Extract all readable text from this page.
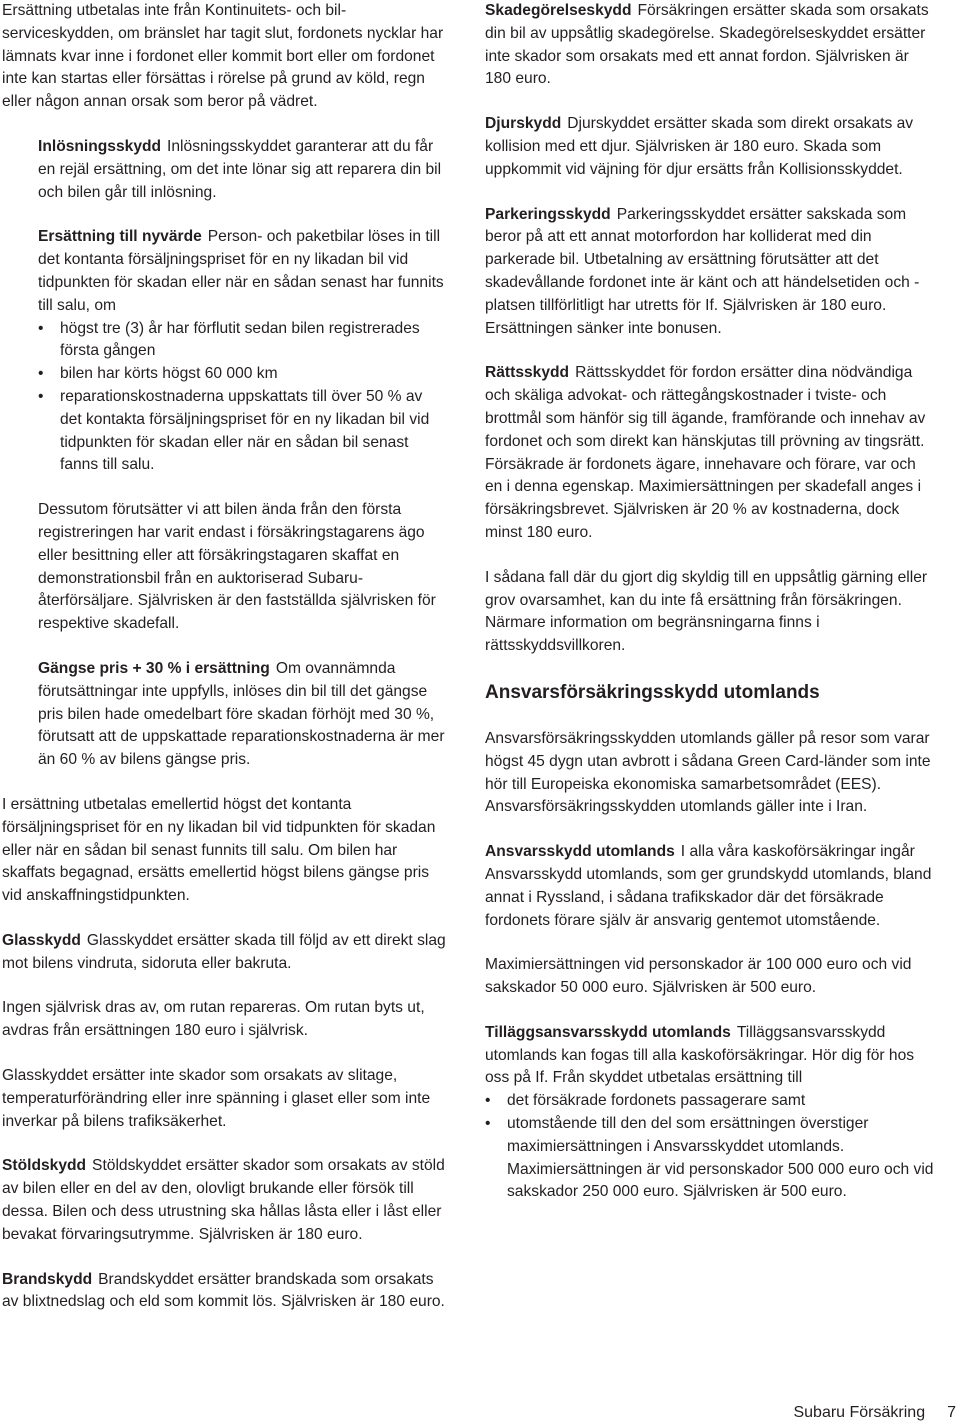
Ersättning utbetalas inte från Kontinuitets- och bilserviceskydden, om bränslet har tagit slut, fordonets nycklar har lämnats kvar inne i fordonet eller kommit bort eller om fordonet inte kan startas eller försättas i rörelse på grund av köld, regn eller någon annan orsak som beror på vädret.

Inlösningsskydd Inlösningsskyddet garanterar att du får en rejäl ersättning, om det inte lönar sig att reparera din bil och bilen går till inlösning.

Ersättning till nyvärde Person- och paketbilar löses in till det kontanta försäljningspriset för en ny likadan bil vid tidpunkten för skadan eller när en sådan senast har funnits till salu, om

• högst tre (3) år har förflutit sedan bilen registrerades första gången
• bilen har körts högst 60 000 km
• reparationskostnaderna uppskattats till över 50 % av det kontakta försäljningspriset för en ny likadan bil vid tidpunkten för skadan eller när en sådan bil senast fanns till salu.

Dessutom förutsätter vi att bilen ända från den första registreringen har varit endast i försäkringstagarens ägo eller besittning eller att försäkringstagaren skaffat en demonstrationsbil från en auktoriserad Subaru-återförsäljare. Självrisken är den fastställda självrisken för respektive skadefall.

Gängse pris + 30 % i ersättning Om ovannämnda förutsättningar inte uppfylls, inlöses din bil till det gängse pris bilen hade omedelbart före skadan förhöjt med 30 %, förutsatt att de uppskattade reparationskostnaderna är mer än 60 % av bilens gängse pris.

I ersättning utbetalas emellertid högst det kontanta försäljningspriset för en ny likadan bil vid tidpunkten för skadan eller när en sådan bil senast funnits till salu. Om bilen har skaffats begagnad, ersätts emellertid högst bilens gängse pris vid anskaffningstidpunkten.

Glasskydd Glasskyddet ersätter skada till följd av ett direkt slag mot bilens vindruta, sidoruta eller bakruta.

Ingen självrisk dras av, om rutan repareras. Om rutan byts ut, avdras från ersättningen 180 euro i självrisk.

Glasskyddet ersätter inte skador som orsakats av slitage, temperaturförändring eller inre spänning i glaset eller som inte inverkar på bilens trafiksäkerhet.

Stöldskydd Stöldskyddet ersätter skador som orsakats av stöld av bilen eller en del av den, olovligt brukande eller försök till dessa. Bilen och dess utrustning ska hållas låsta eller i låst eller bevakat förvaringsutrymme. Självrisken är 180 euro.

Brandskydd Brandskyddet ersätter brandskada som orsakats av blixtnedslag och eld som kommit lös. Självrisken är 180 euro.

Skadegörelseskydd Försäkringen ersätter skada som orsakats din bil av uppsåtlig skadegörelse. Skadegörelseskyddet ersätter inte skador som orsakats med ett annat fordon. Självrisken är 180 euro.

Djurskydd Djurskyddet ersätter skada som direkt orsakats av kollision med ett djur. Självrisken är 180 euro. Skada som uppkommit vid väjning för djur ersätts från Kollisionsskyddet.

Parkeringsskydd Parkeringsskyddet ersätter sakskada som beror på att ett annat motorfordon har kolliderat med din parkerade bil. Utbetalning av ersättning förutsätter att det skadevållande fordonet inte är känt och att händelsetiden och -platsen tillförlitligt har utretts för If. Självrisken är 180 euro. Ersättningen sänker inte bonusen.

Rättsskydd Rättsskyddet för fordon ersätter dina nödvändiga och skäliga advokat- och rättegångskostnader i tviste- och brottmål som hänför sig till ägande, framförande och innehav av fordonet och som direkt kan hänskjutas till prövning av tingsrätt. Försäkrade är fordonets ägare, innehavare och förare, var och en i denna egenskap. Maximiersättningen per skadefall anges i försäkringsbrevet. Självrisken är 20 % av kostnaderna, dock minst 180 euro.

I sådana fall där du gjort dig skyldig till en uppsåtlig gärning eller grov ovarsamhet, kan du inte få ersättning från försäkringen. Närmare information om begränsningarna finns i rättsskyddsvillkoren.

Ansvarsförsäkringsskydd utomlands

Ansvarsförsäkringsskydden utomlands gäller på resor som varar högst 45 dygn utan avbrott i sådana Green Card-länder som inte hör till Europeiska ekonomiska samarbetsområdet (EES). Ansvarsförsäkringsskydden utomlands gäller inte i Iran.

Ansvarsskydd utomlands I alla våra kaskoförsäkringar ingår Ansvarsskydd utomlands, som ger grundskydd utomlands, bland annat i Ryssland, i sådana trafikskador där det försäkrade fordonets förare själv är ansvarig gentemot utomstående.

Maximiersättningen vid personskador är 100 000 euro och vid sakskador 50 000 euro. Självrisken är 500 euro.

Tilläggsansvarsskydd utomlands Tilläggsansvarsskydd utomlands kan fogas till alla kaskoförsäkringar. Hör dig för hos oss på If. Från skyddet utbetalas ersättning till

• det försäkrade fordonets passagerare samt
• utomstående till den del som ersättningen överstiger maximiersättningen i Ansvarsskyddet utomlands. Maximiersättningen är vid personskador 500 000 euro och vid sakskador 250 000 euro. Självrisken är 500 euro.
Subaru Försäkring 7
